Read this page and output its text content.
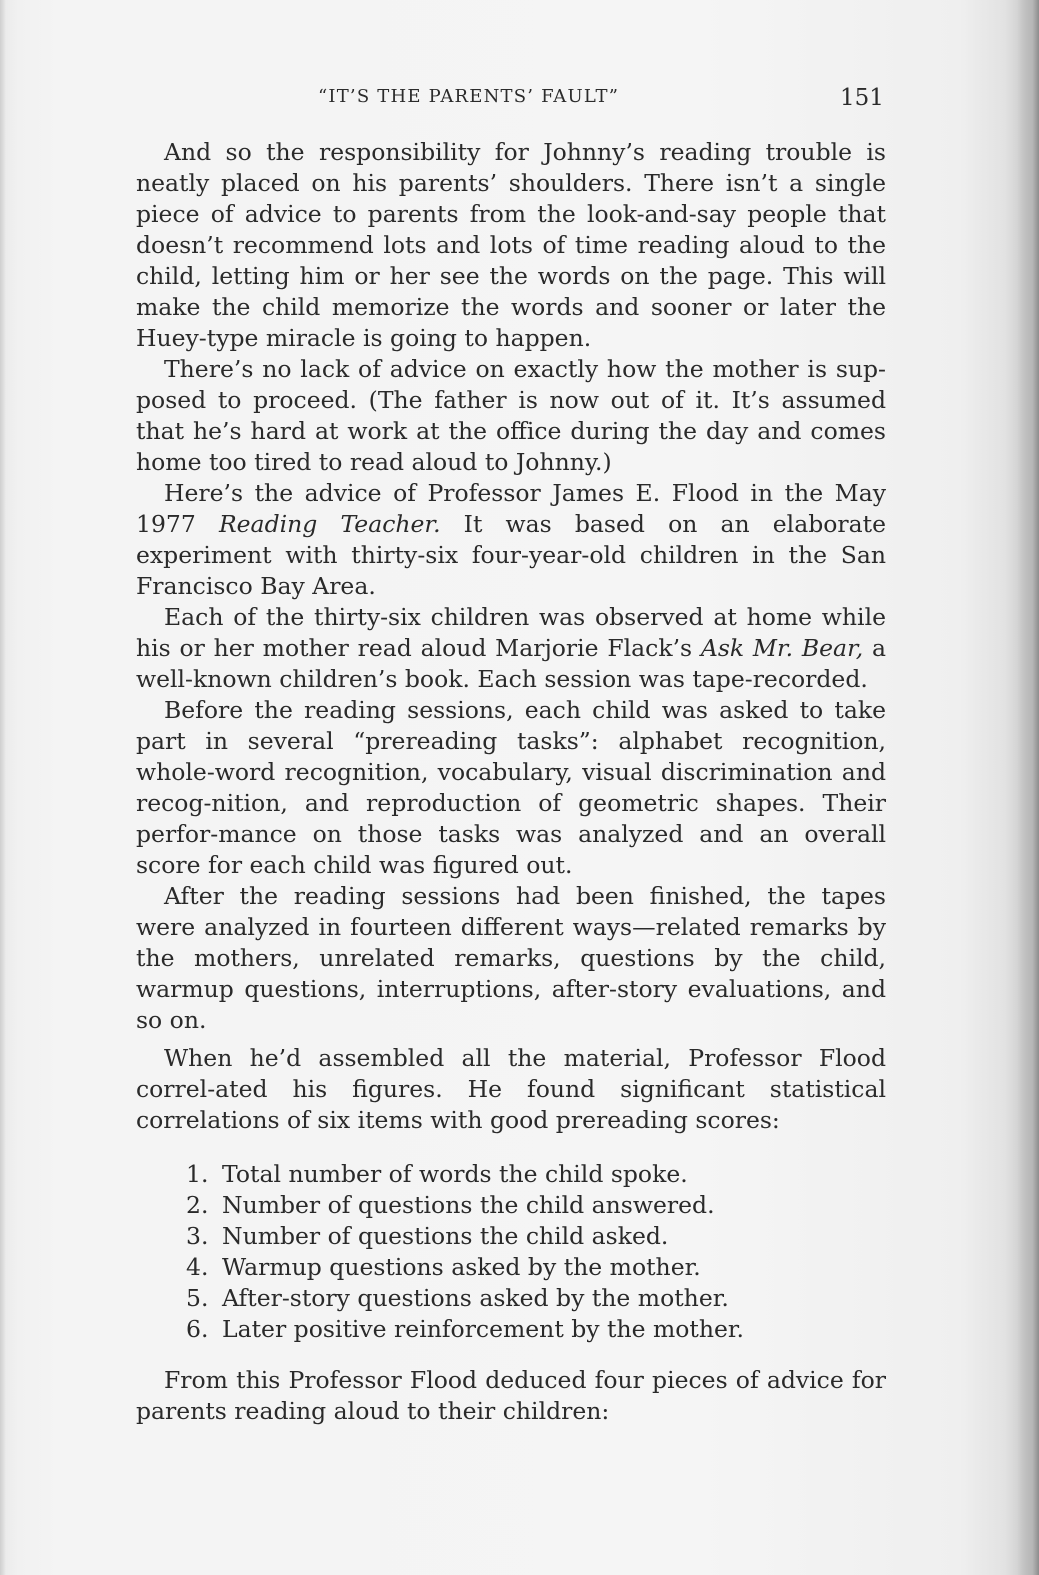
“IT’S THE PARENTS’ FAULT”	151

And so the responsibility for Johnny’s reading trouble is neatly placed on his parents’ shoulders. There isn’t a single piece of advice to parents from the look-and-say people that doesn’t recommend lots and lots of time reading aloud to the child, letting him or her see the words on the page. This will make the child memorize the words and sooner or later the Huey-type miracle is going to happen.

There’s no lack of advice on exactly how the mother is sup-posed to proceed. (The father is now out of it. It’s assumed that he’s hard at work at the office during the day and comes home too tired to read aloud to Johnny.)

Here’s the advice of Professor James E. Flood in the May 1977 Reading Teacher. It was based on an elaborate experiment with thirty-six four-year-old children in the San Francisco Bay Area.

Each of the thirty-six children was observed at home while his or her mother read aloud Marjorie Flack’s Ask Mr. Bear, a well-known children’s book. Each session was tape-recorded.

Before the reading sessions, each child was asked to take part in several “prereading tasks”: alphabet recognition, whole-word recognition, vocabulary, visual discrimination and recog-nition, and reproduction of geometric shapes. Their perfor-mance on those tasks was analyzed and an overall score for each child was figured out.

After the reading sessions had been finished, the tapes were analyzed in fourteen different ways—related remarks by the mothers, unrelated remarks, questions by the child, warmup questions, interruptions, after-story evaluations, and so on.

When he’d assembled all the material, Professor Flood correl-ated his figures. He found significant statistical correlations of six items with good prereading scores:

1. Total number of words the child spoke.
2. Number of questions the child answered.
3. Number of questions the child asked.
4. Warmup questions asked by the mother.
5. After-story questions asked by the mother.
6. Later positive reinforcement by the mother.

From this Professor Flood deduced four pieces of advice for parents reading aloud to their children:
